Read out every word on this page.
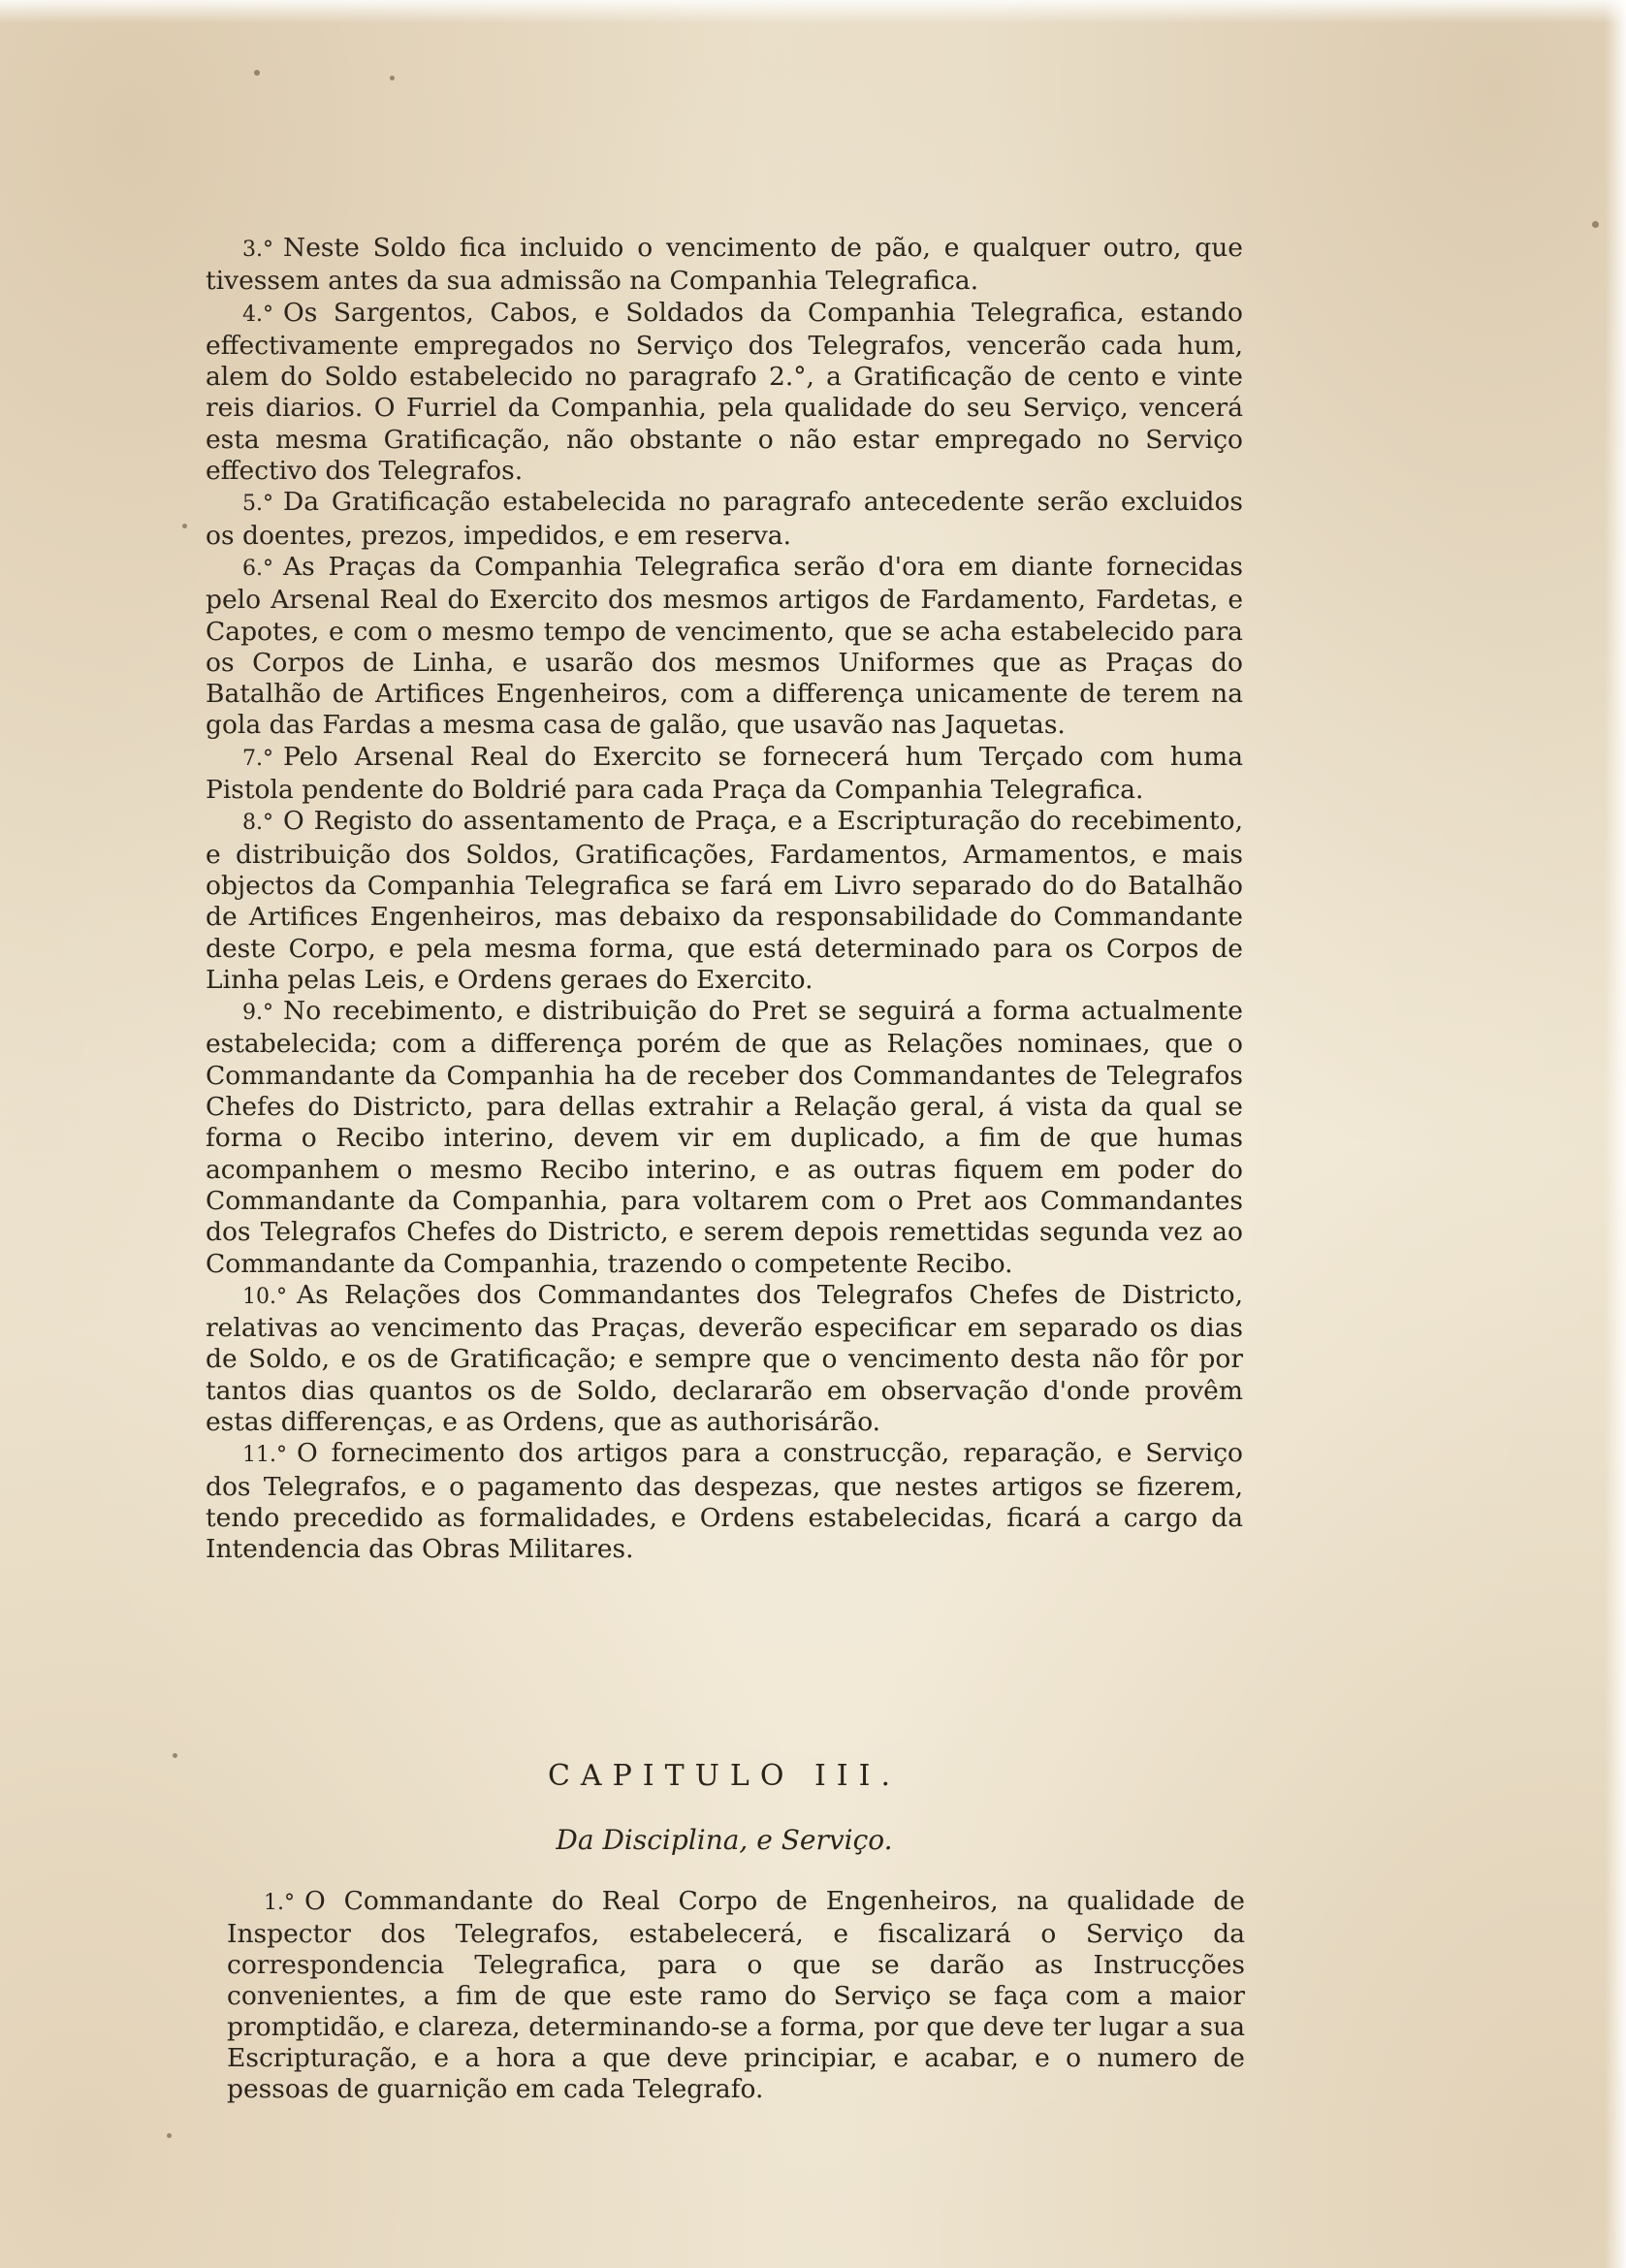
3.° Neste Soldo fica incluido o vencimento de pão, e qualquer outro, que tivessem antes da sua admissão na Companhia Telegrafica.

4.° Os Sargentos, Cabos, e Soldados da Companhia Telegrafica, estando effectivamente empregados no Serviço dos Telegrafos, vencerão cada hum, alem do Soldo estabelecido no paragrafo 2.°, a Gratificação de cento e vinte reis diarios. O Furriel da Companhia, pela qualidade do seu Serviço, vencerá esta mesma Gratificação, não obstante o não estar empregado no Serviço effectivo dos Telegrafos.

5.° Da Gratificação estabelecida no paragrafo antecedente serão excluidos os doentes, prezos, impedidos, e em reserva.

6.° As Praças da Companhia Telegrafica serão d'ora em diante fornecidas pelo Arsenal Real do Exercito dos mesmos artigos de Fardamento, Fardetas, e Capotes, e com o mesmo tempo de vencimento, que se acha estabelecido para os Corpos de Linha, e usarão dos mesmos Uniformes que as Praças do Batalhão de Artifices Engenheiros, com a differença unicamente de terem na gola das Fardas a mesma casa de galão, que usavão nas Jaquetas.

7.° Pelo Arsenal Real do Exercito se fornecerá hum Terçado com huma Pistola pendente do Boldrié para cada Praça da Companhia Telegrafica.

8.° O Registo do assentamento de Praça, e a Escripturação do recebimento, e distribuição dos Soldos, Gratificações, Fardamentos, Armamentos, e mais objectos da Companhia Telegrafica se fará em Livro separado do do Batalhão de Artifices Engenheiros, mas debaixo da responsabilidade do Commandante deste Corpo, e pela mesma forma, que está determinado para os Corpos de Linha pelas Leis, e Ordens geraes do Exercito.

9.° No recebimento, e distribuição do Pret se seguirá a forma actualmente estabelecida; com a differença porém de que as Relações nominaes, que o Commandante da Companhia ha de receber dos Commandantes de Telegrafos Chefes do Districto, para dellas extrahir a Relação geral, á vista da qual se forma o Recibo interino, devem vir em duplicado, a fim de que humas acompanhem o mesmo Recibo interino, e as outras fiquem em poder do Commandante da Companhia, para voltarem com o Pret aos Commandantes dos Telegrafos Chefes do Districto, e serem depois remettidas segunda vez ao Commandante da Companhia, trazendo o competente Recibo.

10.° As Relações dos Commandantes dos Telegrafos Chefes de Districto, relativas ao vencimento das Praças, deverão especificar em separado os dias de Soldo, e os de Gratificação; e sempre que o vencimento desta não fôr por tantos dias quantos os de Soldo, declararão em observação d'onde provêm estas differenças, e as Ordens, que as authorisárão.

11.° O fornecimento dos artigos para a construcção, reparação, e Serviço dos Telegrafos, e o pagamento das despezas, que nestes artigos se fizerem, tendo precedido as formalidades, e Ordens estabelecidas, ficará a cargo da Intendencia das Obras Militares.

CAPITULO III.
Da Disciplina, e Serviço.

1.° O Commandante do Real Corpo de Engenheiros, na qualidade de Inspector dos Telegrafos, estabelecerá, e fiscalizará o Serviço da correspondencia Telegrafica, para o que se darão as Instrucções convenientes, a fim de que este ramo do Serviço se faça com a maior promptidão, e clareza, determinando-se a forma, por que deve ter lugar a sua Escripturação, e a hora a que deve principiar, e acabar, e o numero de pessoas de guarnição em cada Telegrafo.
